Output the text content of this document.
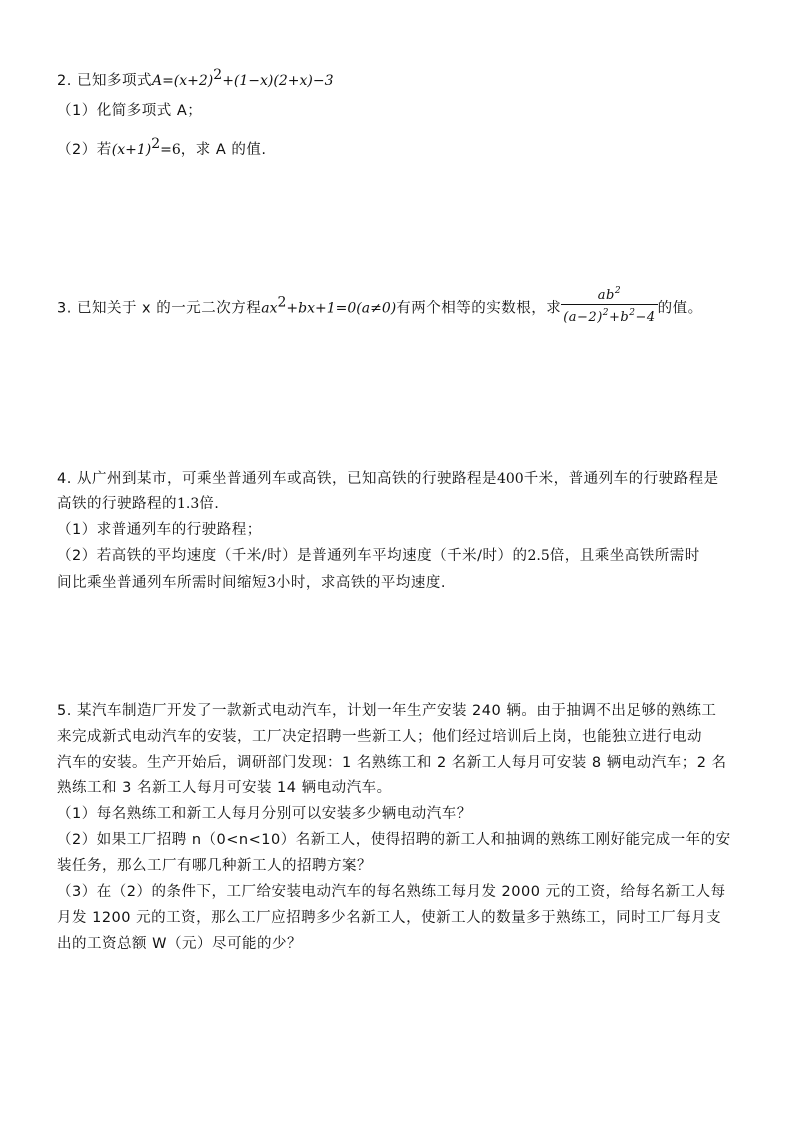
2. 已知多项式$A=(x+2)^2+(1-x)(2+x)-3$
（1）化简多项式 A；
（2）若$(x+1)^2=6$，求 A 的值.
3. 已知关于 x 的一元二次方程$ax^2+bx+1=0(a\ne 0)$有两个相等的实数根，求 $\frac{ab^2}{(a-2)^2+b^2-4}$ 的值。
4. 从广州到某市，可乘坐普通列车或高铁，已知高铁的行驶路程是400千米，普通列车的行驶路程是
高铁的行驶路程的1.3倍.
（1）求普通列车的行驶路程；
（2）若高铁的平均速度（千米/时）是普通列车平均速度（千米/时）的2.5倍，且乘坐高铁所需时
间比乘坐普通列车所需时间缩短3小时，求高铁的平均速度.
5. 某汽车制造厂开发了一款新式电动汽车，计划一年生产安装 240 辆。由于抽调不出足够的熟练工
来完成新式电动汽车的安装，工厂决定招聘一些新工人；他们经过培训后上岗，也能独立进行电动
汽车的安装。生产开始后，调研部门发现：1 名熟练工和 2 名新工人每月可安装 8 辆电动汽车；2 名
熟练工和 3 名新工人每月可安装 14 辆电动汽车。
（1）每名熟练工和新工人每月分别可以安装多少辆电动汽车？
（2）如果工厂招聘 n（0<n<10）名新工人，使得招聘的新工人和抽调的熟练工刚好能完成一年的安
装任务，那么工厂有哪几种新工人的招聘方案？
（3）在（2）的条件下，工厂给安装电动汽车的每名熟练工每月发 2000 元的工资，给每名新工人每
月发 1200 元的工资，那么工厂应招聘多少名新工人，使新工人的数量多于熟练工，同时工厂每月支
出的工资总额 W（元）尽可能的少？
